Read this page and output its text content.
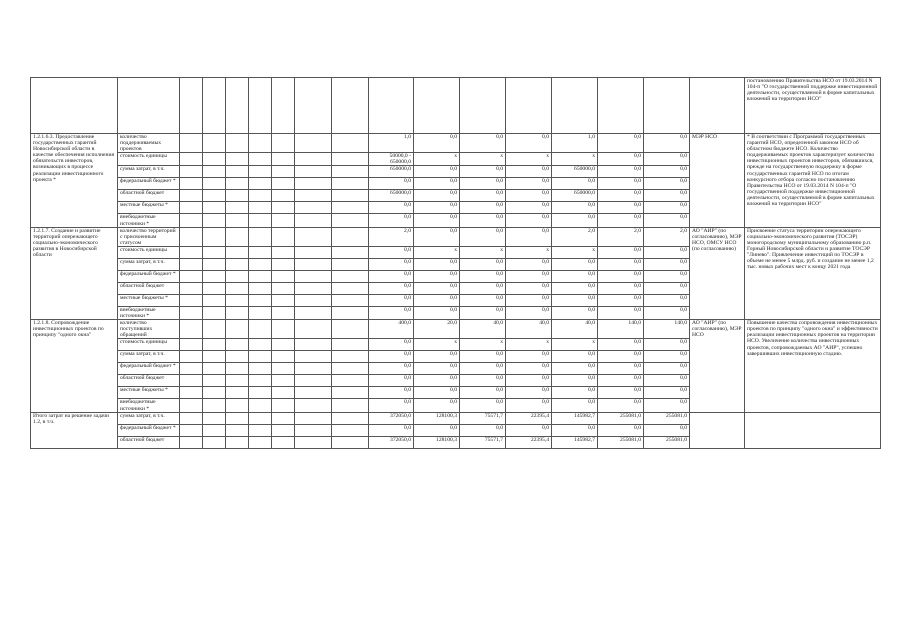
																	постановлению Правительства НСО от 19.03.2014 N 104-п "О государственной поддержке инвестиционной деятельности, осуществляемой в форме капитальных вложений на территории НСО"
1.2.1.6.3. Предоставление государственных гарантий Новосибирской области в качестве обеспечения исполнения обязательств инвесторов, возникающих в процессе реализации инвестиционного проекта *	количество поддерживаемых проектов								1,0	0,0	0,0	0,0	1,0	0,0	0,0	МЭР НСО	* В соответствии с Программой государственных гарантий НСО, определенной законом НСО об областном бюджете НСО. Количество поддерживаемых проектов характеризует количество инвестиционных проектов инвесторов, обязавшихся, прежде на государственную поддержку в форме государственных гарантий НСО по итогам конкурсного отбора согласно постановлению Правительства НСО от 19.03.2014 N 104-п "О государственной поддержке инвестиционной деятельности, осуществляемой в форме капитальных вложений на территории НСО"
	стоимость единицы								50000,0 - 650000,0	x	x	x	x	0,0	0,0		
	сумма затрат, в т.ч.								650000,0	0,0	0,0	0,0	650000,0	0,0	0,0		
	федеральный бюджет *								0,0	0,0	0,0	0,0	0,0	0,0	0,0		
	областной бюджет								650000,0	0,0	0,0	0,0	650000,0	0,0	0,0		
	местные бюджеты *								0,0	0,0	0,0	0,0	0,0	0,0	0,0		
	внебюджетные источники *								0,0	0,0	0,0	0,0	0,0	0,0	0,0		
1.2.1.7. Создание и развитие территорий опережающего социально-экономического развития в Новосибирской области	количество территорий с присвоенным статусом								2,0	0,0	0,0	0,0	2,0	2,0	2,0	АО "АИР" (по согласованию), МЭР НСО, ОМСУ НСО (по согласованию)	Присвоение статуса территории опережающего социально-экономического развития (ТОСЭР) моногородскому муниципальному образованию р.п. Горный Новосибирской области и развитие ТОСЭР "Линево". Привлечение инвестиций по ТОСЭР в объеме не менее 5 млрд. руб. и создание не менее 1,2 тыс. новых рабочих мест к концу 2021 года
	стоимость единицы								0,0	x	x	x	x	0,0	0,0		
	сумма затрат, в т.ч.								0,0	0,0	0,0	0,0	0,0	0,0	0,0		
	федеральный бюджет *								0,0	0,0	0,0	0,0	0,0	0,0	0,0		
	областной бюджет								0,0	0,0	0,0	0,0	0,0	0,0	0,0		
	местные бюджеты *								0,0	0,0	0,0	0,0	0,0	0,0	0,0		
	внебюджетные источники *								0,0	0,0	0,0	0,0	0,0	0,0	0,0		
1.2.1.8. Сопровождение инвестиционных проектов по принципу "одного окна"	количество поступивших обращений								400,0	20,0	40,0	40,0	40,0	140,0	140,0	АО "АИР" (по согласованию), МЭР НСО	Повышение качества сопровождения инвестиционных проектов по принципу "одного окна" и эффективности реализации инвестиционных проектов на территории НСО. Увеличение количества инвестиционных проектов, сопровождаемых АО "АИР", успешно завершивших инвестиционную стадию.
	стоимость единицы								0,0	x	x	x	x	0,0	0,0		
	сумма затрат, в т.ч.								0,0	0,0	0,0	0,0	0,0	0,0	0,0		
	федеральный бюджет *								0,0	0,0	0,0	0,0	0,0	0,0	0,0		
	областной бюджет								0,0	0,0	0,0	0,0	0,0	0,0	0,0		
	местные бюджеты *								0,0	0,0	0,0	0,0	0,0	0,0	0,0		
	внебюджетные источники *								0,0	0,0	0,0	0,0	0,0	0,0	0,0		
Итого затрат на решение задачи 1.2, в т.ч.	сумма затрат, в т.ч.								372050,0	128100,3	75571,7	22395,4	145982,7	255081,0	255081,0		
	федеральный бюджет *								0,0	0,0	0,0	0,0	0,0	0,0	0,0		
	областной бюджет								372050,0	128100,3	75571,7	22395,4	145982,7	255081,0	255081,0		
